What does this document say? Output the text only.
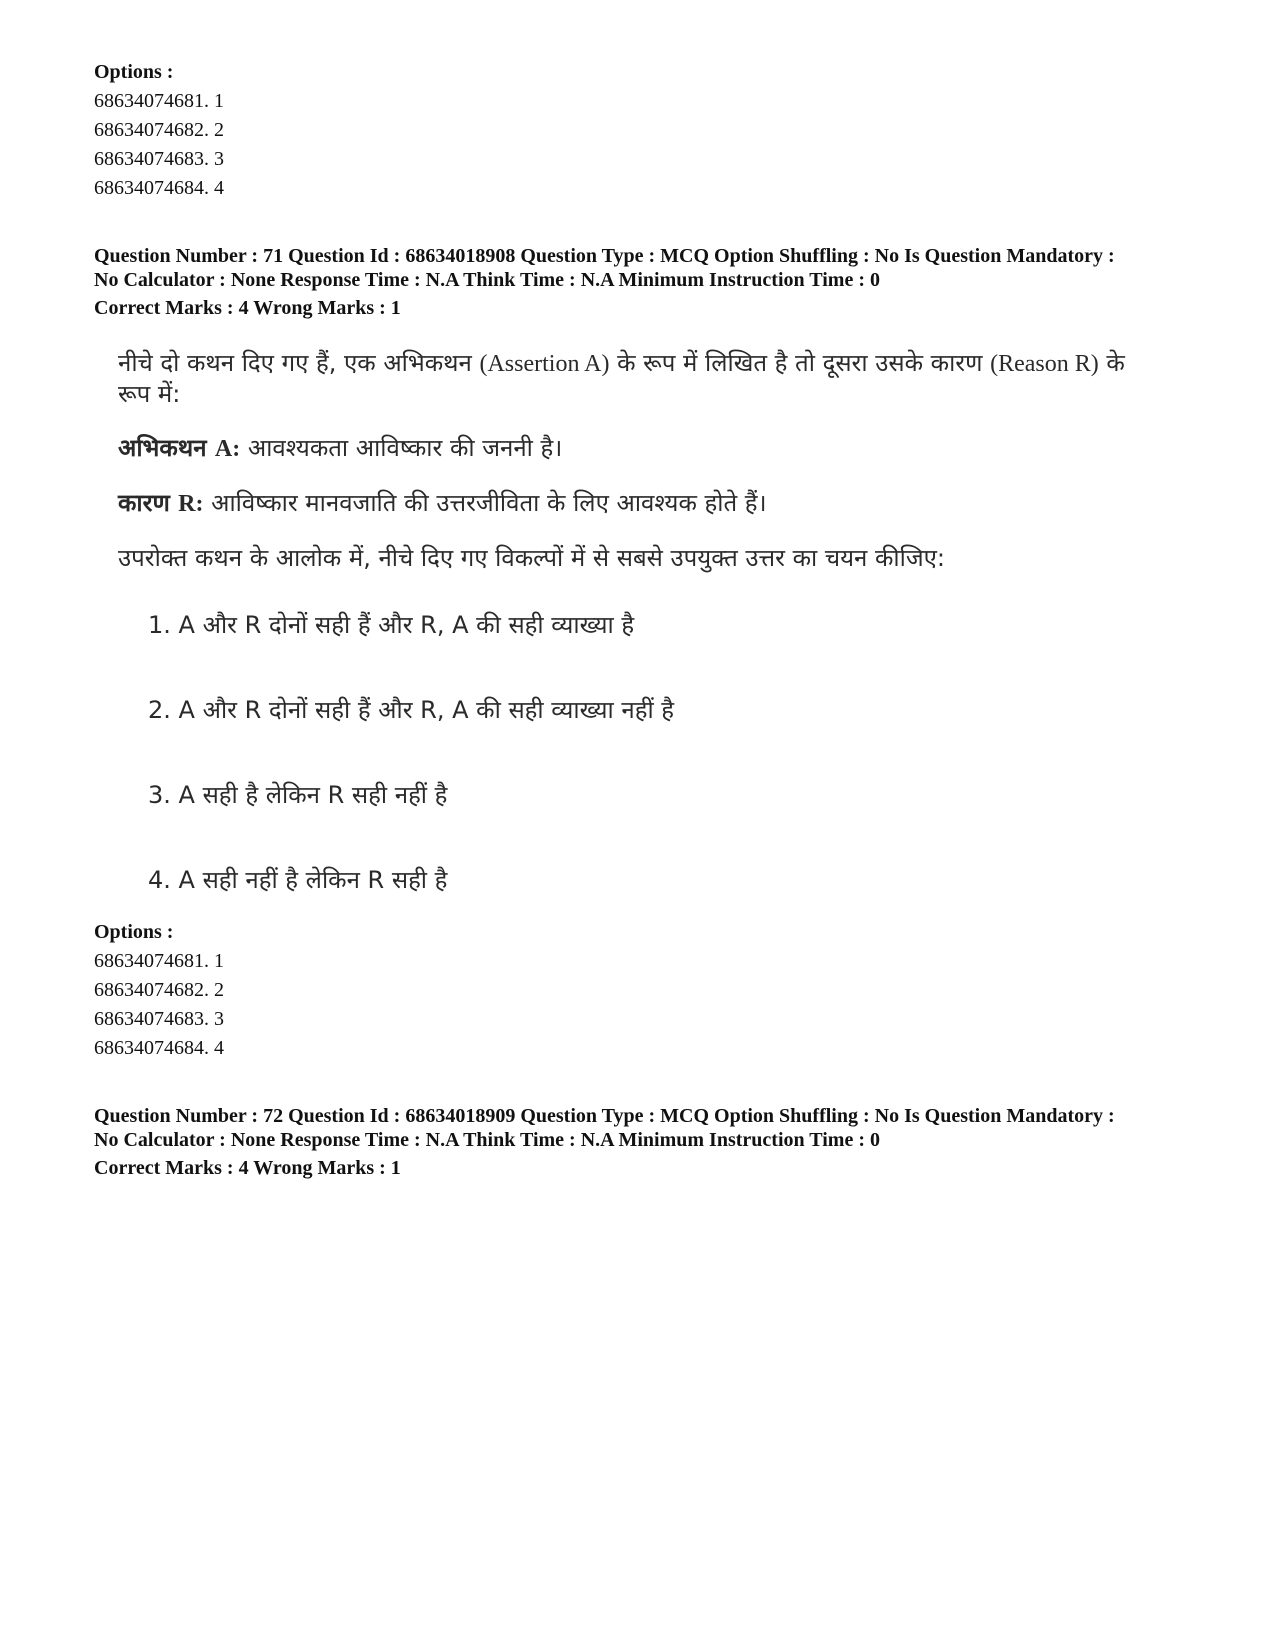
Options :
68634074681. 1
68634074682. 2
68634074683. 3
68634074684. 4
Question Number : 71 Question Id : 68634018908 Question Type : MCQ Option Shuffling : No Is Question Mandatory :
No Calculator : None Response Time : N.A Think Time : N.A Minimum Instruction Time : 0
Correct Marks : 4 Wrong Marks : 1
नीचे दो कथन दिए गए हैं, एक अभिकथन (Assertion A) के रूप में लिखित है तो दूसरा उसके कारण (Reason R) के
रूप में:
अभिकथन A: आवश्यकता आविष्कार की जननी है।
कारण R: आविष्कार मानवजाति की उत्तरजीविता के लिए आवश्यक होते हैं।
उपरोक्त कथन के आलोक में, नीचे दिए गए विकल्पों में से सबसे उपयुक्त उत्तर का चयन कीजिए:
1. A और R दोनों सही हैं और R, A की सही व्याख्या है
2. A और R दोनों सही हैं और R, A की सही व्याख्या नहीं है
3. A सही है लेकिन R सही नहीं है
4. A सही नहीं है लेकिन R सही है
Options :
68634074681. 1
68634074682. 2
68634074683. 3
68634074684. 4
Question Number : 72 Question Id : 68634018909 Question Type : MCQ Option Shuffling : No Is Question Mandatory :
No Calculator : None Response Time : N.A Think Time : N.A Minimum Instruction Time : 0
Correct Marks : 4 Wrong Marks : 1
